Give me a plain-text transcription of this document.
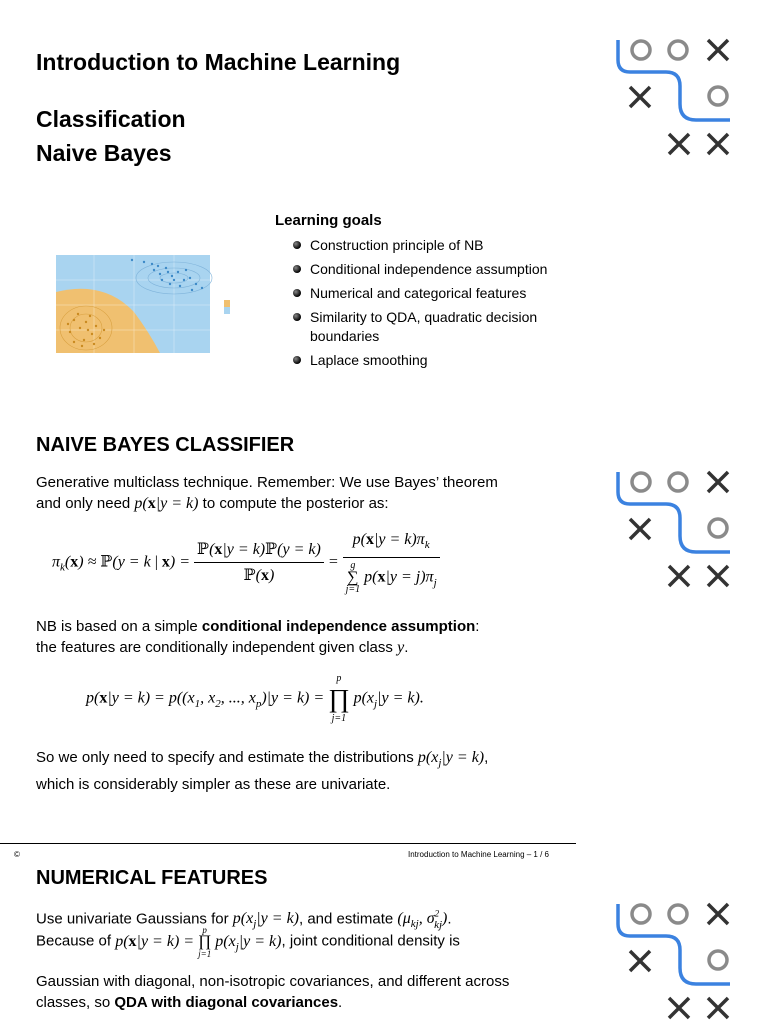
Introduction to Machine Learning
Classification
Naive Bayes
Learning goals
Construction principle of NB
Conditional independence assumption
Numerical and categorical features
Similarity to QDA, quadratic decision boundaries
Laplace smoothing
NAIVE BAYES CLASSIFIER
Generative multiclass technique. Remember: We use Bayes’ theorem
and only need p(x|y = k) to compute the posterior as:
$\pi_k(x)$ ≈ ℙ(y = k | $x) = \frac{\text{ℙ(x|y = k)ℙ(y = k)}}{\text{ℙ(x)}} = p(x|y = k)\pi_k$
g
∑
j=1
$p(x|y = j)\pi_j$
NB is based on a simple conditional independence assumption:
the features are conditionally independent given class y.
$p(x|y = k) = p((x_1$, $x_2$, ..., $x_p)|y = k$) =
p
∏
j=1
$p(x_j|y = k)$.
So we only need to specify and estimate the distributions $p(x_j|y = k)$,
which is considerably simpler as these are univariate.
©	Introduction to Machine Learning – 1 / 6
NUMERICAL FEATURES
Use univariate Gaussians for $p(x_j|y = k)$, and estimate ($\mu_{kj}$, $\sigma^2_{kj}$).
Because of p(x|y = k) =
p
∏
j=1
$p(x_j|y = k)$, joint conditional density is
Gaussian with diagonal, non-isotropic covariances, and different across
classes, so QDA with diagonal covariances.
